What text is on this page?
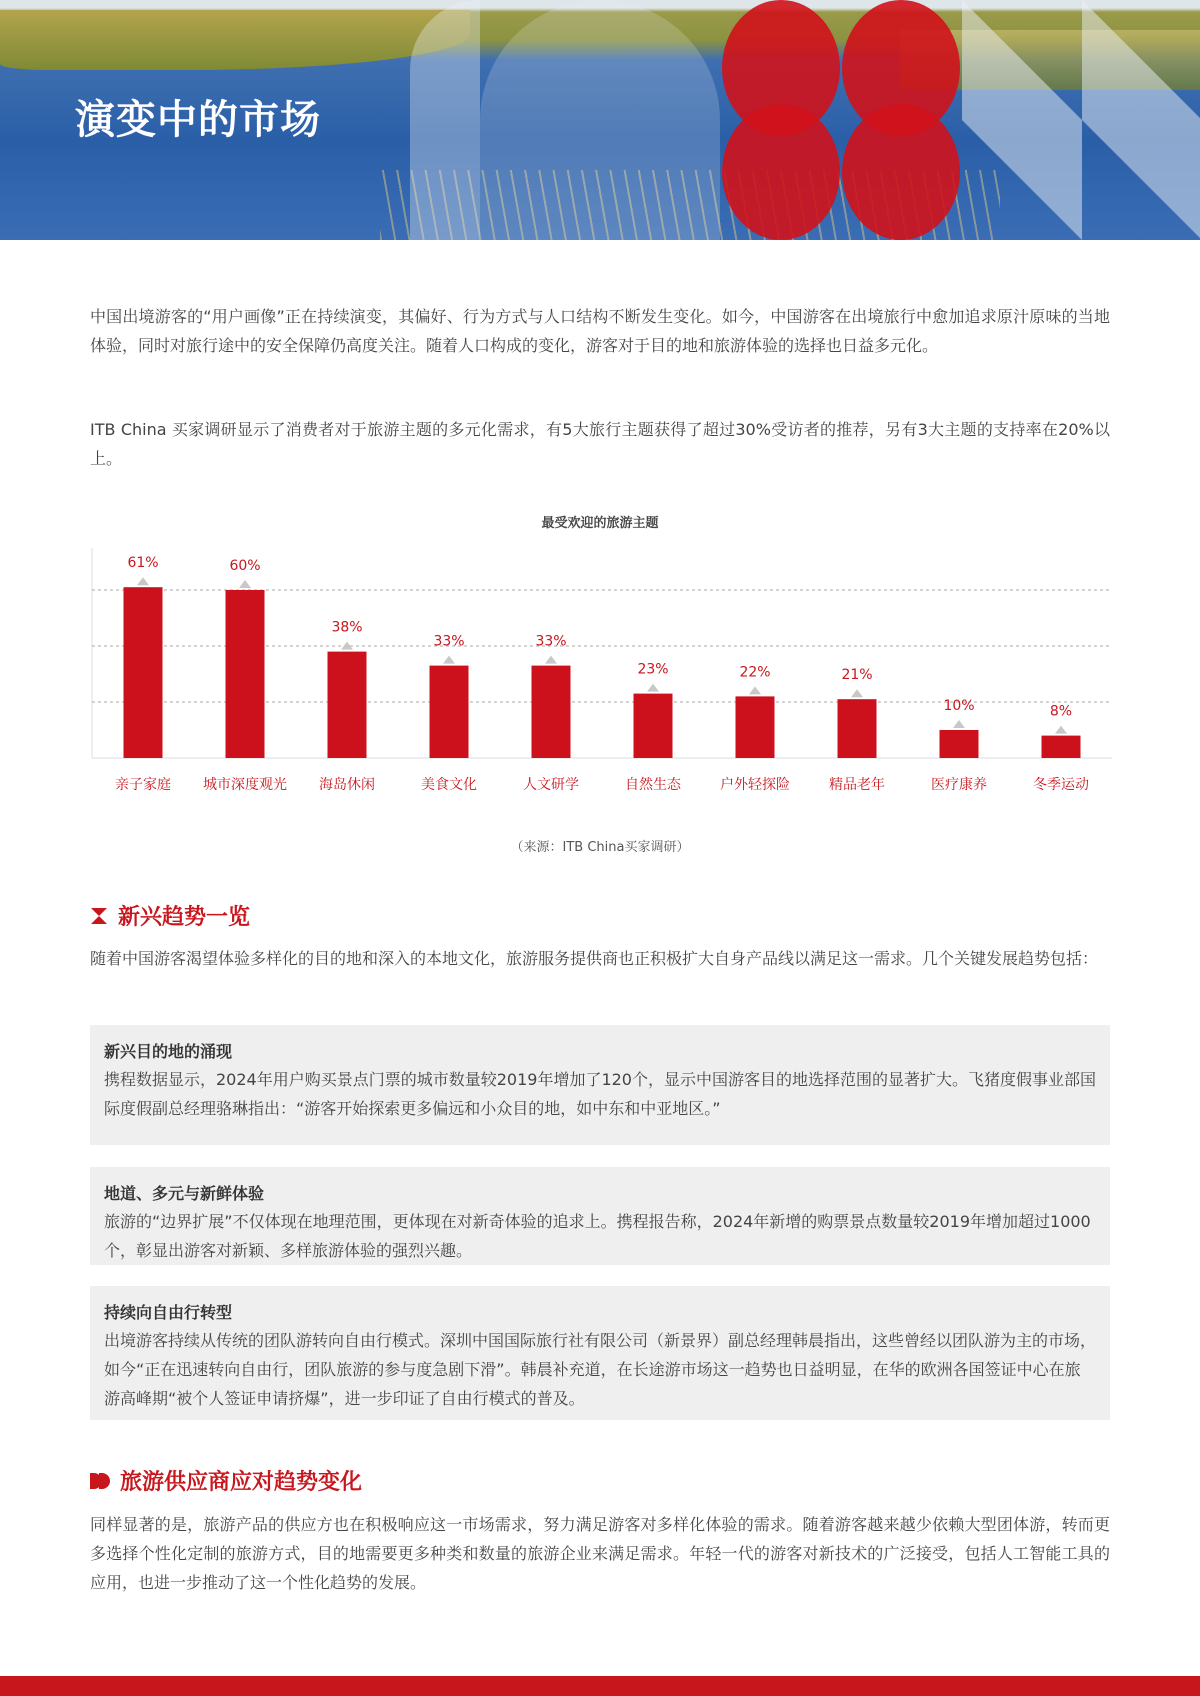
演变中的市场

中国出境游客的“用户画像”正在持续演变，其偏好、行为方式与人口结构不断发生变化。如今，中国游客在出境旅行中愈加追求原汁原味的当地体验，同时对旅行途中的安全保障仍高度关注。随着人口构成的变化，游客对于目的地和旅游体验的选择也日益多元化。

ITB China 买家调研显示了消费者对于旅游主题的多元化需求，有5大旅行主题获得了超过30%受访者的推荐，另有3大主题的支持率在20%以上。

最受欢迎的旅游主题
61%
亲子家庭
60%
城市深度观光
38%
海岛休闲
33%
美食文化
33%
人文研学
23%
自然生态
22%
户外轻探险
21%
精品老年
10%
医疗康养
8%
冬季运动
（来源：ITB China买家调研）
新兴趋势一览

随着中国游客渴望体验多样化的目的地和深入的本地文化，旅游服务提供商也正积极扩大自身产品线以满足这一需求。几个关键发展趋势包括：

新兴目的地的涌现
携程数据显示，2024年用户购买景点门票的城市数量较2019年增加了120个，显示中国游客目的地选择范围的显著扩大。飞猪度假事业部国际度假副总经理骆琳指出：“游客开始探索更多偏远和小众目的地，如中东和中亚地区。”
地道、多元与新鲜体验
旅游的“边界扩展”不仅体现在地理范围，更体现在对新奇体验的追求上。携程报告称，2024年新增的购票景点数量较2019年增加超过1000个，彰显出游客对新颖、多样旅游体验的强烈兴趣。
持续向自由行转型
出境游客持续从传统的团队游转向自由行模式。深圳中国国际旅行社有限公司（新景界）副总经理韩晨指出，这些曾经以团队游为主的市场，如今“正在迅速转向自由行，团队旅游的参与度急剧下滑”。韩晨补充道，在长途游市场这一趋势也日益明显，在华的欧洲各国签证中心在旅游高峰期“被个人签证申请挤爆”，进一步印证了自由行模式的普及。
旅游供应商应对趋势变化

同样显著的是，旅游产品的供应方也在积极响应这一市场需求，努力满足游客对多样化体验的需求。随着游客越来越少依赖大型团体游，转而更多选择个性化定制的旅游方式，目的地需要更多种类和数量的旅游企业来满足需求。年轻一代的游客对新技术的广泛接受，包括人工智能工具的应用，也进一步推动了这一个性化趋势的发展。
